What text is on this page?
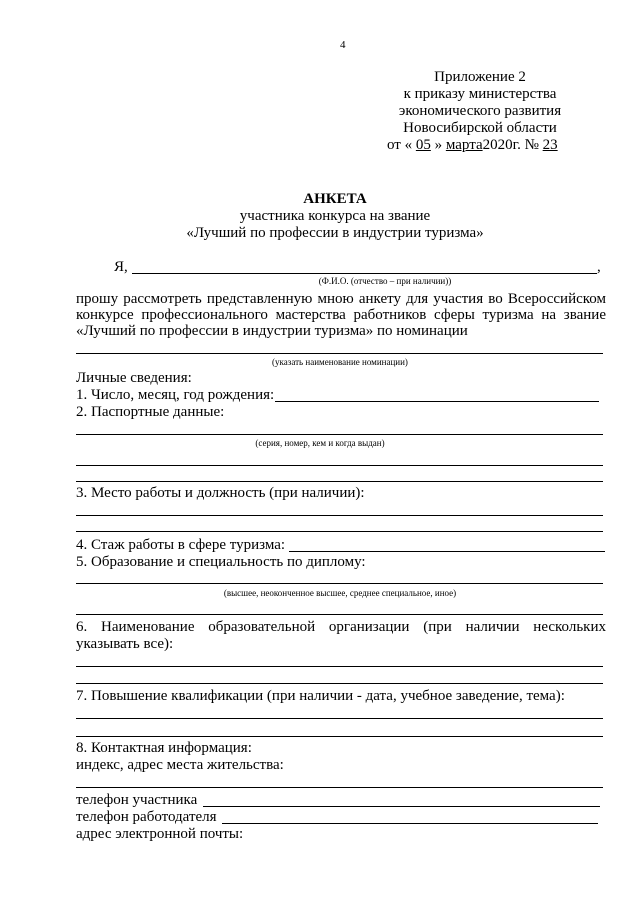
4
Приложение 2
к приказу министерства
экономического развития
Новосибирской области
от « 05 » марта2020г. № 23
АНКЕТА
участника конкурса на звание
«Лучший по профессии в индустрии туризма»
Я,	,
(Ф.И.О. (отчество – при наличии))
прошу рассмотреть представленную мною анкету для участия во Всероссийском
конкурсе профессионального мастерства работников сферы туризма на звание
«Лучший по профессии в индустрии туризма» по номинации
(указать наименование номинации)
Личные сведения:
1. Число, месяц, год рождения:
2. Паспортные данные:
(серия, номер, кем и когда выдан)
3. Место работы и должность (при наличии):
4. Стаж работы в сфере туризма:
5. Образование и специальность по диплому:
(высшее, неоконченное высшее, среднее специальное, иное)
6. Наименование образовательной организации (при наличии нескольких
указывать все):
7. Повышение квалификации (при наличии - дата, учебное заведение, тема):
8. Контактная информация:
индекс, адрес места жительства:
телефон участника
телефон работодателя
адрес электронной почты:
